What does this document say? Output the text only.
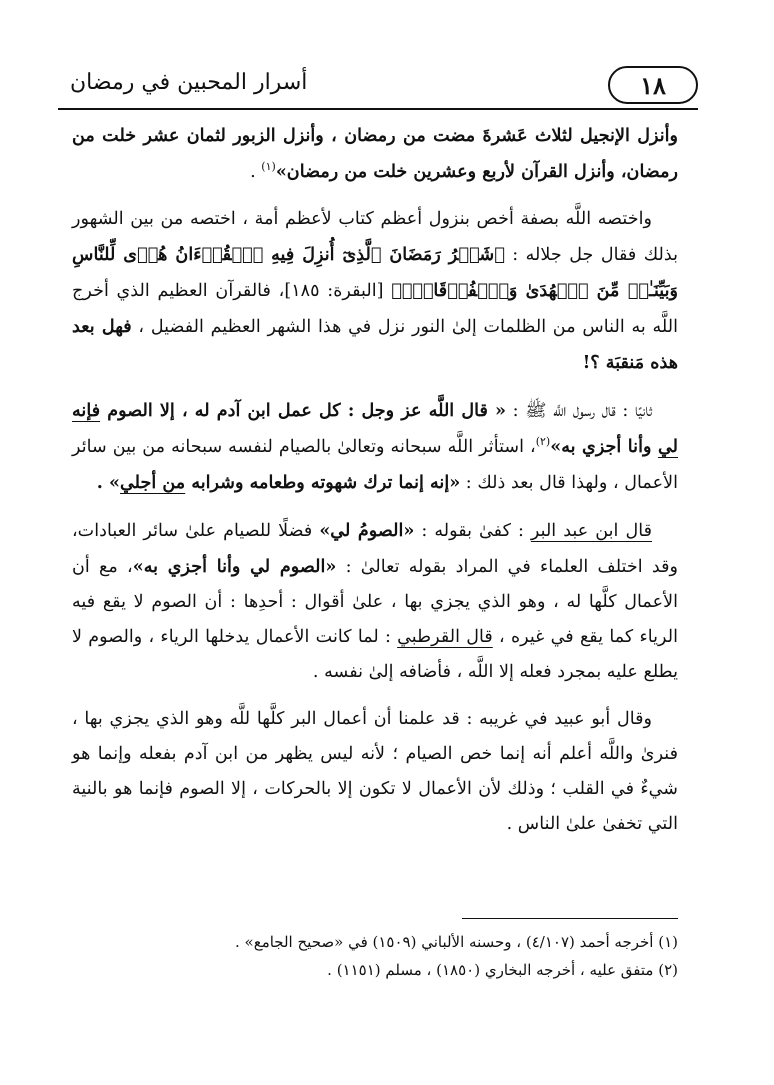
١٨
أسرار المحبين في رمضان

وأنزل الإنجيل لثلاث عَشرةَ مضت من رمضان ، وأنزل الزبور لثمان عشر خلت من رمضان، وأنزل القرآن لأربع وعشرين خلت من رمضان»$^{(١)}$ .

واختصه اللَّه بصفة أخص بنزول أعظم كتاب لأعظم أمة ، اختصه من بين الشهور بذلك فقال جل جلاله : ﴿شَهۡرُ رَمَضَانَ ٱلَّذِیٓ أُنزِلَ فِیهِ ٱلۡقُرۡءَانُ هُدࣰى لِّلنَّاسِ وَبَیِّنَـٰتࣲ مِّنَ ٱلۡهُدَىٰ وَٱلۡفُرۡقَانِۚ﴾ [البقرة: ١٨٥]، فالقرآن العظيم الذي أخرج اللَّه به الناس من الظلمات إلىٰ النور نزل في هذا الشهر العظيم الفضيل ، فهل بعد هذه مَنقبَة ؟!

ثانيًا : قال رسول اللَّه ﷺ : « قال اللَّه عز وجل : كل عمل ابن آدم له ، إلا الصوم فإنه لي وأنا أجزي به»$^{(٢)}$، استأثر اللَّه سبحانه وتعالىٰ بالصيام لنفسه سبحانه من بين سائر الأعمال ، ولهذا قال بعد ذلك : «إنه إنما ترك شهوته وطعامه وشرابه من أجلي» .

قال ابن عبد البر : كفىٰ بقوله : «الصومُ لي» فضلًا للصيام علىٰ سائر العبادات، وقد اختلف العلماء في المراد بقوله تعالىٰ : «الصوم لي وأنا أجزي به»، مع أن الأعمال كلَّها له ، وهو الذي يجزي بها ، علىٰ أقوال : أحدِها : أن الصوم لا يقع فيه الرياء كما يقع في غيره ، قال القرطبي : لما كانت الأعمال يدخلها الرياء ، والصوم لا يطلع عليه بمجرد فعله إلا اللَّه ، فأضافه إلىٰ نفسه .

وقال أبو عبيد في غريبه : قد علمنا أن أعمال البر كلَّها للَّه وهو الذي يجزي بها ، فنرىٰ واللَّه أعلم أنه إنما خص الصيام ؛ لأنه ليس يظهر من ابن آدم بفعله وإنما هو شيءٌ في القلب ؛ وذلك لأن الأعمال لا تكون إلا بالحركات ، إلا الصوم فإنما هو بالنية التي تخفىٰ علىٰ الناس .

(١) أخرجه أحمد (٤/١٠٧) ، وحسنه الألباني (١٥٠٩) في «صحيح الجامع» .

(٢) متفق عليه ، أخرجه البخاري (١٨٥٠) ، مسلم (١١٥١) .
